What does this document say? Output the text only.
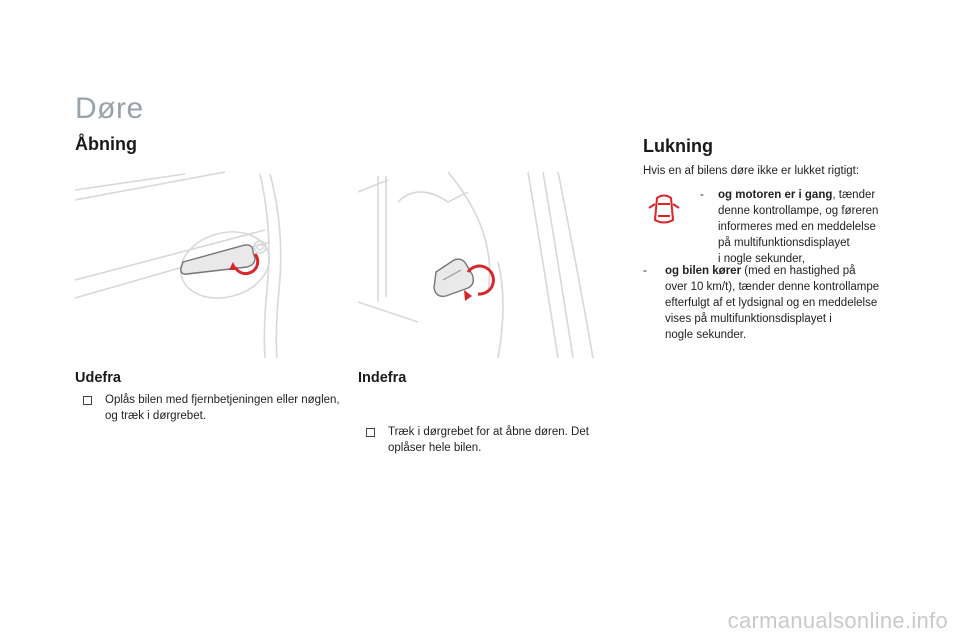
Døre
Åbning
Udefra
Oplås bilen med fjernbetjeningen eller nøglen, og træk i dørgrebet.
Indefra
Træk i dørgrebet for at åbne døren. Det oplåser hele bilen.
Lukning
Hvis en af bilens døre ikke er lukket rigtigt:
-	og motoren er i gang, tænder
denne kontrollampe, og føreren
informeres med en meddelelse
på multifunktionsdisplayet
i nogle sekunder,
-	og bilen kører (med en hastighed på
over 10 km/t), tænder denne kontrollampe
efterfulgt af et lydsignal og en meddelelse
vises på multifunktionsdisplayet i
nogle sekunder.
carmanualsonline.info
